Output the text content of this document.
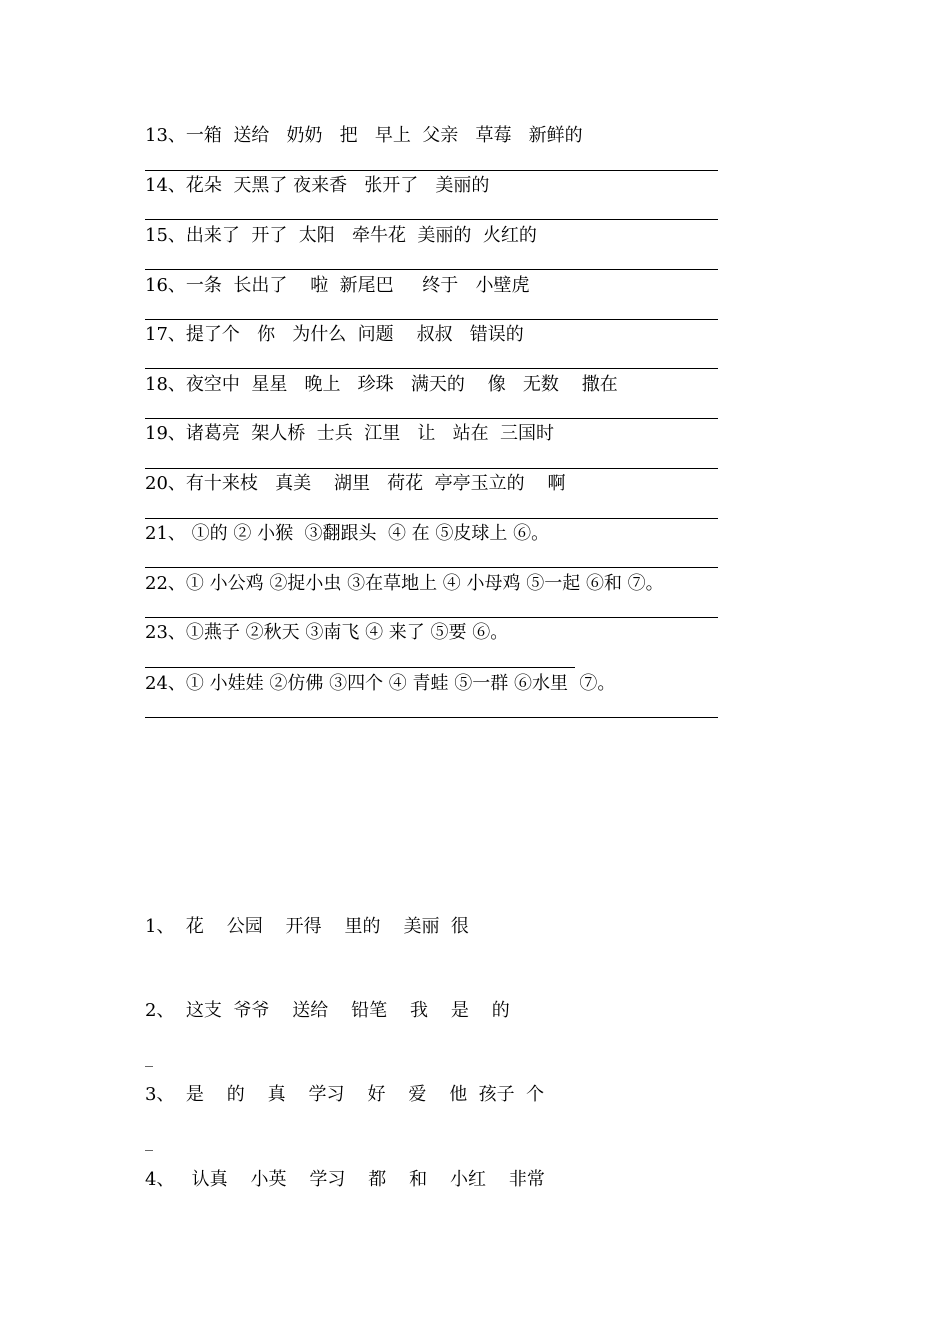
13、一箱  送给   奶奶   把   早上  父亲   草莓   新鲜的
14、花朵  天黑了 夜来香   张开了   美丽的
15、出来了  开了  太阳   牵牛花  美丽的  火红的
16、一条  长出了    啦  新尾巴     终于   小壁虎
17、提了个   你   为什么  问题    叔叔   错误的
18、夜空中  星星   晚上   珍珠   满天的    像   无数    撒在
19、诸葛亮  架人桥  士兵  江里   让   站在  三国时
20、有十来枝   真美    湖里   荷花  亭亭玉立的    啊
21、 ①的 ② 小猴  ③翻跟头  ④ 在 ⑤皮球上 ⑥。
22、① 小公鸡 ②捉小虫 ③在草地上 ④ 小母鸡 ⑤一起 ⑥和 ⑦。
23、①燕子 ②秋天 ③南飞 ④ 来了 ⑤要 ⑥。
24、① 小娃娃 ②仿佛 ③四个 ④ 青蛙 ⑤一群 ⑥水里  ⑦。
1、  花    公园    开得    里的    美丽  很
2、  这支  爷爷    送给    铅笔    我    是    的
_
3、  是    的    真    学习    好    爱    他  孩子  个
_
4、   认真    小英    学习    都    和    小红    非常
